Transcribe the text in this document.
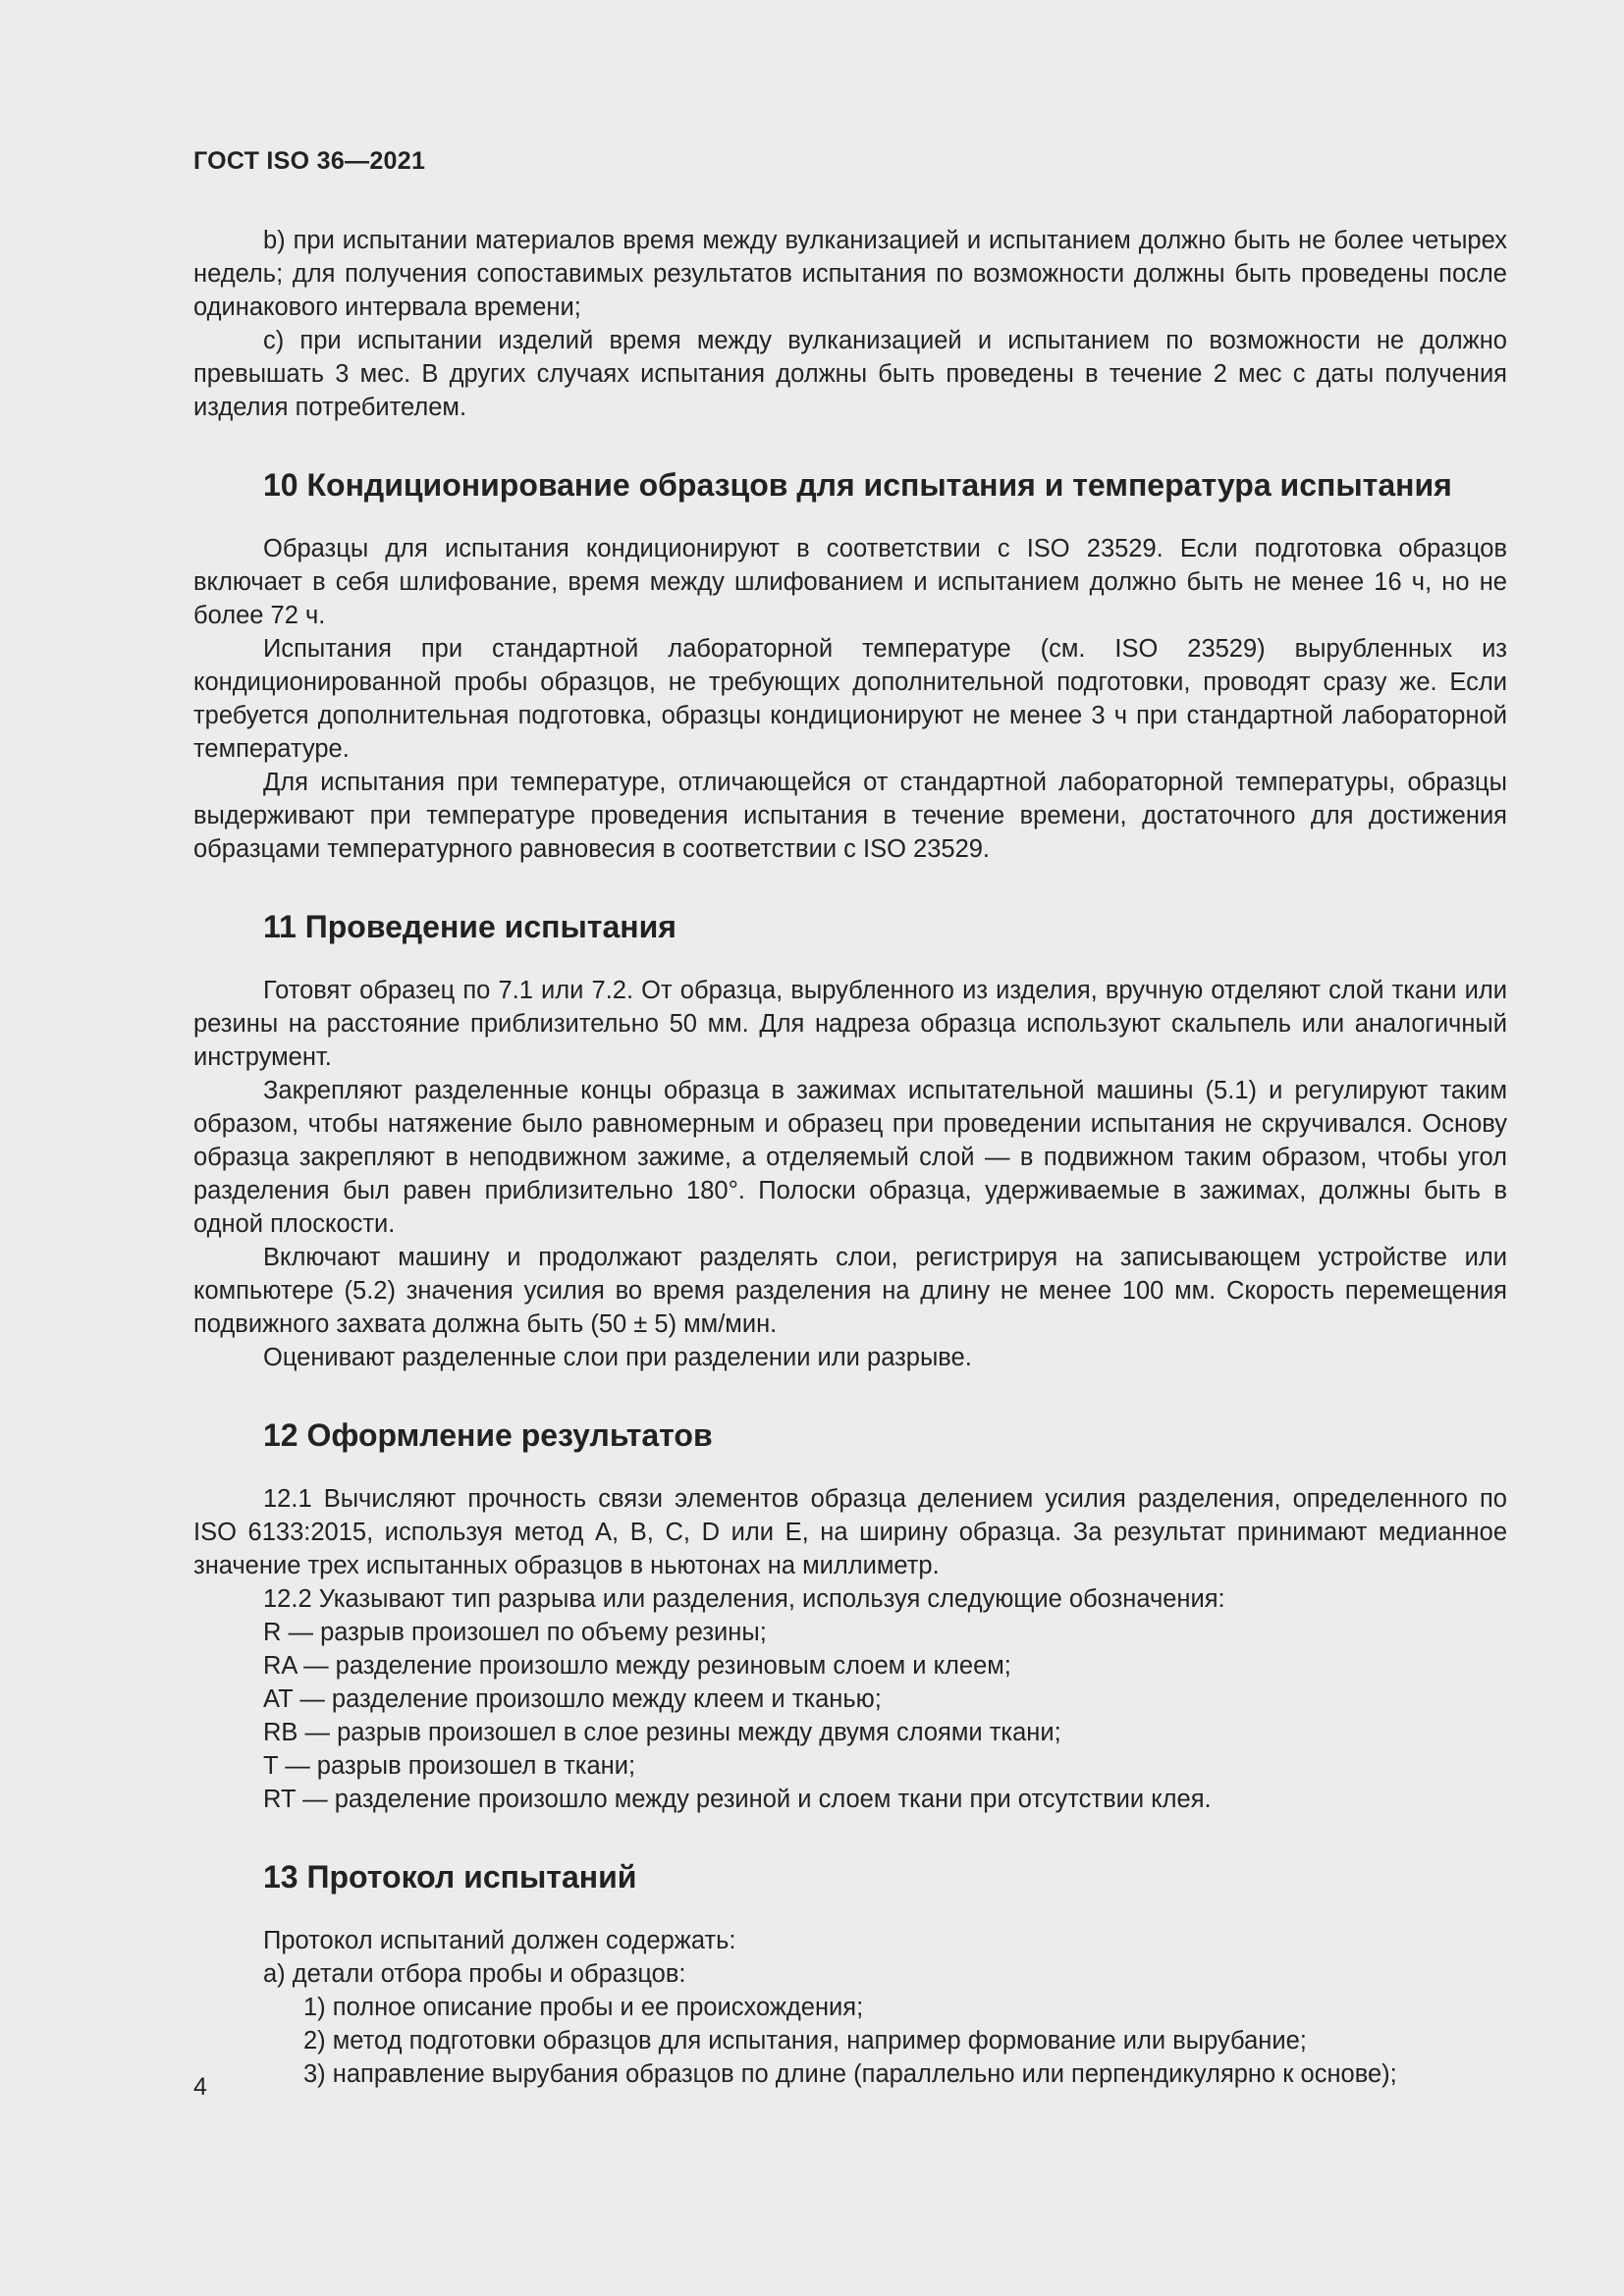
ГОСТ ISO 36—2021

b) при испытании материалов время между вулканизацией и испытанием должно быть не более четырех недель; для получения сопоставимых результатов испытания по возможности должны быть проведены после одинакового интервала времени;

c) при испытании изделий время между вулканизацией и испытанием по возможности не должно превышать 3 мес. В других случаях испытания должны быть проведены в течение 2 мес с даты получения изделия потребителем.

10 Кондиционирование образцов для испытания и температура испытания

Образцы для испытания кондиционируют в соответствии с ISO 23529. Если подготовка образцов включает в себя шлифование, время между шлифованием и испытанием должно быть не менее 16 ч, но не более 72 ч.

Испытания при стандартной лабораторной температуре (см. ISO 23529) вырубленных из кондиционированной пробы образцов, не требующих дополнительной подготовки, проводят сразу же. Если требуется дополнительная подготовка, образцы кондиционируют не менее 3 ч при стандартной лабораторной температуре.

Для испытания при температуре, отличающейся от стандартной лабораторной температуры, образцы выдерживают при температуре проведения испытания в течение времени, достаточного для достижения образцами температурного равновесия в соответствии с ISO 23529.

11 Проведение испытания

Готовят образец по 7.1 или 7.2. От образца, вырубленного из изделия, вручную отделяют слой ткани или резины на расстояние приблизительно 50 мм. Для надреза образца используют скальпель или аналогичный инструмент.

Закрепляют разделенные концы образца в зажимах испытательной машины (5.1) и регулируют таким образом, чтобы натяжение было равномерным и образец при проведении испытания не скручивался. Основу образца закрепляют в неподвижном зажиме, а отделяемый слой — в подвижном таким образом, чтобы угол разделения был равен приблизительно 180°. Полоски образца, удерживаемые в зажимах, должны быть в одной плоскости.

Включают машину и продолжают разделять слои, регистрируя на записывающем устройстве или компьютере (5.2) значения усилия во время разделения на длину не менее 100 мм. Скорость перемещения подвижного захвата должна быть (50 ± 5) мм/мин.

Оценивают разделенные слои при разделении или разрыве.

12 Оформление результатов

12.1 Вычисляют прочность связи элементов образца делением усилия разделения, определенного по ISO 6133:2015, используя метод A, B, C, D или E, на ширину образца. За результат принимают медианное значение трех испытанных образцов в ньютонах на миллиметр.

12.2 Указывают тип разрыва или разделения, используя следующие обозначения:

R — разрыв произошел по объему резины;

RA — разделение произошло между резиновым слоем и клеем;

AT — разделение произошло между клеем и тканью;

RB — разрыв произошел в слое резины между двумя слоями ткани;

T — разрыв произошел в ткани;

RT — разделение произошло между резиной и слоем ткани при отсутствии клея.

13 Протокол испытаний

Протокол испытаний должен содержать:

a) детали отбора пробы и образцов:

1) полное описание пробы и ее происхождения;

2) метод подготовки образцов для испытания, например формование или вырубание;

3) направление вырубания образцов по длине (параллельно или перпендикулярно к основе);

4
